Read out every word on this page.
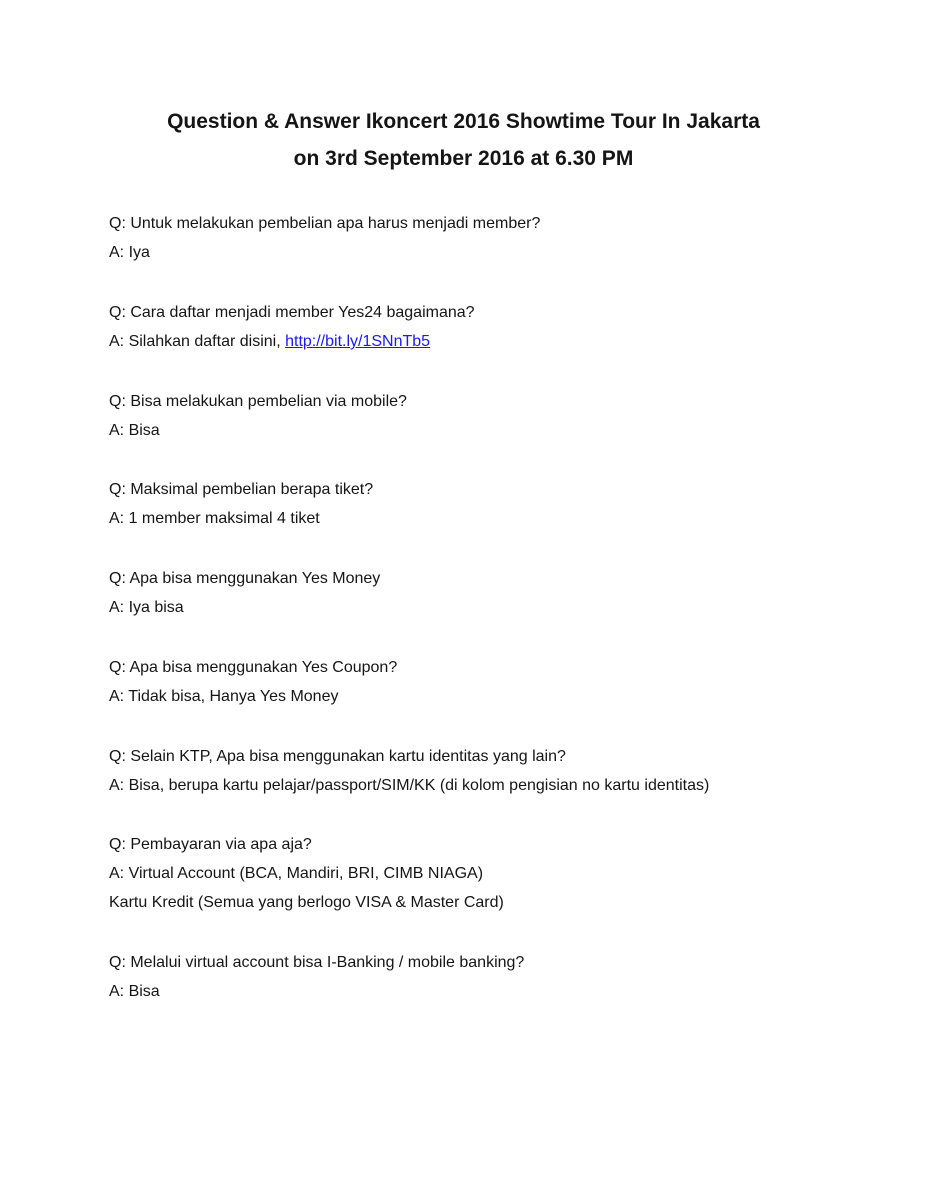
Question & Answer Ikoncert 2016 Showtime Tour In Jakarta
on 3rd September 2016 at 6.30 PM
Q: Untuk melakukan pembelian apa harus menjadi member?
A: Iya
Q: Cara daftar menjadi member Yes24 bagaimana?
A: Silahkan daftar disini, http://bit.ly/1SNnTb5
Q: Bisa melakukan pembelian via mobile?
A: Bisa
Q: Maksimal pembelian berapa tiket?
A: 1 member maksimal 4 tiket
Q: Apa bisa menggunakan Yes Money
A: Iya bisa
Q: Apa bisa menggunakan Yes Coupon?
A: Tidak bisa, Hanya Yes Money
Q: Selain KTP, Apa bisa menggunakan kartu identitas yang lain?
A: Bisa, berupa kartu pelajar/passport/SIM/KK (di kolom pengisian no kartu identitas)
Q: Pembayaran via apa aja?
A: Virtual Account (BCA, Mandiri, BRI, CIMB NIAGA)
Kartu Kredit (Semua yang berlogo VISA & Master Card)
Q: Melalui virtual account bisa I-Banking / mobile banking?
A: Bisa
